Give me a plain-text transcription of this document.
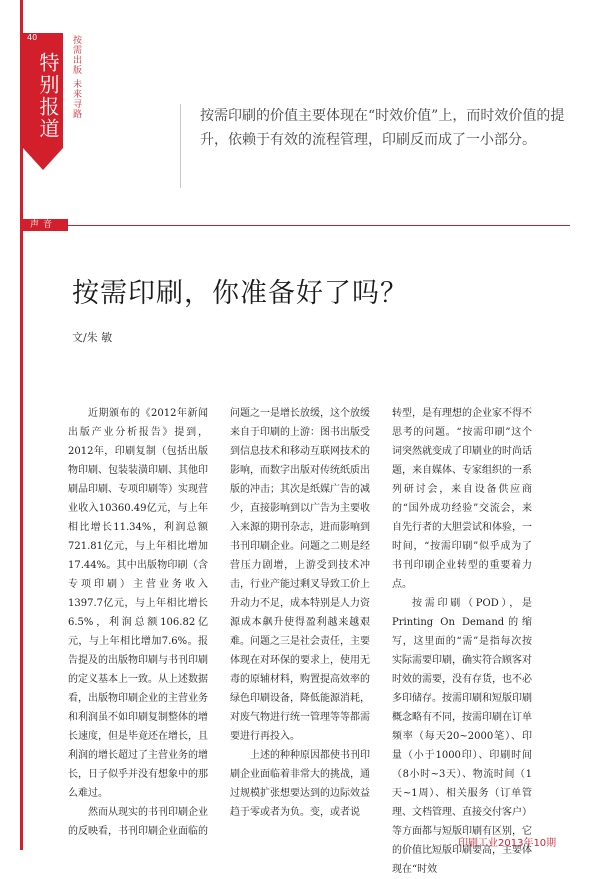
40
特别报道 按需出版 未来寻路	按需印刷的价值主要体现在“时效价值”上，而时效价值的提升，依赖于有效的流程管理，印刷反而成了一小部分。
声音
按需印刷，你准备好了吗？
文/朱 敏

近期颁布的《2012年新闻出版产业分析报告》提到，2012年，印刷复制（包括出版物印刷、包装装潢印刷、其他印刷品印刷、专项印刷等）实现营业收入10360.49亿元，与上年相比增长11.34%，利润总额721.81亿元，与上年相比增加17.44%。其中出版物印刷（含专项印刷）主营业务收入1397.7亿元，与上年相比增长6.5%，利润总额106.82亿元，与上年相比增加7.6%。报告提及的出版物印刷与书刊印刷的定义基本上一致。从上述数据看，出版物印刷企业的主营业务和利润虽不如印刷复制整体的增长速度，但是毕竟还在增长，且利润的增长超过了主营业务的增长，日子似乎并没有想象中的那么难过。

然而从现实的书刊印刷企业的反映看，书刊印刷企业面临的

问题之一是增长放缓，这个放缓来自于印刷的上游：图书出版受到信息技术和移动互联网技术的影响，而数字出版对传统纸质出版的冲击；其次是纸媒广告的减少，直接影响到以广告为主要收入来源的期刊杂志，进而影响到书刊印刷企业。问题之二则是经营压力剧增，上游受到技术冲击，行业产能过剩叉导致工价上升动力不足，成本特别是人力资源成本飙升使得盈利越来越艰难。问题之三是社会责任，主要体现在对环保的要求上，使用无毒的原辅材料，购置提高效率的绿色印刷设备，降低能源消耗，对废气物进行统一管理等等都需要进行再投入。

上述的种种原因都使书刊印刷企业面临着非常大的挑战，通过规模扩张想要达到的边际效益趋于零或者为负。变，或者说

转型，是有理想的企业家不得不思考的问题。“按需印刷”这个词突然就变成了印刷业的时尚话题，来自媒体、专家组织的一系列研讨会，来自设备供应商的“国外成功经验”交流会，来自先行者的大胆尝试和体验，一时间，“按需印刷”似乎成为了书刊印刷企业转型的重要着力点。

按需印刷（POD），是Printing On Demand的缩写，这里面的“需”是指每次按实际需要印刷，确实符合顾客对时效的需要，没有存货，也不必多印储存。按需印刷和短版印刷概念略有不同，按需印刷在订单频率（每天20~2000笔）、印量（小于1000印）、印刷时间（8小时~3天）、物流时间（1天~1周）、相关服务（订单管理、文档管理、直接交付客户）等方面都与短版印刷有区别，它的价值比短版印刷要高，主要体现在“时效

印刷工业2013年10期
